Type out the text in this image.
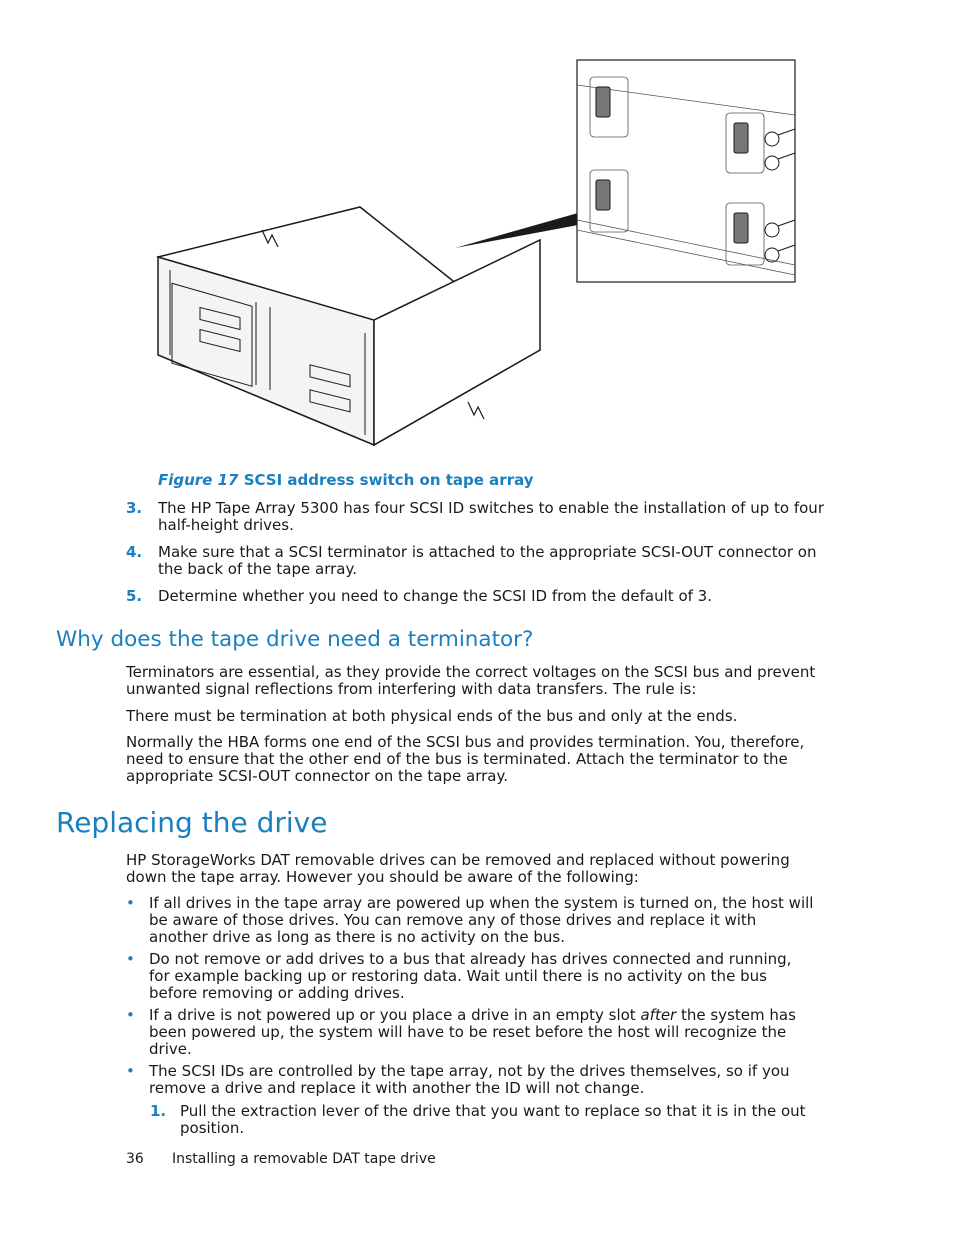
Figure 17 SCSI address switch on tape array
3. The HP Tape Array 5300 has four SCSI ID switches to enable the installation of up to four half-height drives.
4. Make sure that a SCSI terminator is attached to the appropriate SCSI-OUT connector on the back of the tape array.
5. Determine whether you need to change the SCSI ID from the default of 3.
Why does the tape drive need a terminator?
Terminators are essential, as they provide the correct voltages on the SCSI bus and prevent unwanted signal reflections from interfering with data transfers. The rule is:
There must be termination at both physical ends of the bus and only at the ends.
Normally the HBA forms one end of the SCSI bus and provides termination. You, therefore, need to ensure that the other end of the bus is terminated. Attach the terminator to the appropriate SCSI-OUT connector on the tape array.
Replacing the drive
HP StorageWorks DAT removable drives can be removed and replaced without powering down the tape array. However you should be aware of the following:
• If all drives in the tape array are powered up when the system is turned on, the host will be aware of those drives. You can remove any of those drives and replace it with another drive as long as there is no activity on the bus.
• Do not remove or add drives to a bus that already has drives connected and running, for example backing up or restoring data. Wait until there is no activity on the bus before removing or adding drives.
• If a drive is not powered up or you place a drive in an empty slot after the system has been powered up, the system will have to be reset before the host will recognize the drive.
• The SCSI IDs are controlled by the tape array, not by the drives themselves, so if you remove a drive and replace it with another the ID will not change.
1. Pull the extraction lever of the drive that you want to replace so that it is in the out position.
36 Installing a removable DAT tape drive
